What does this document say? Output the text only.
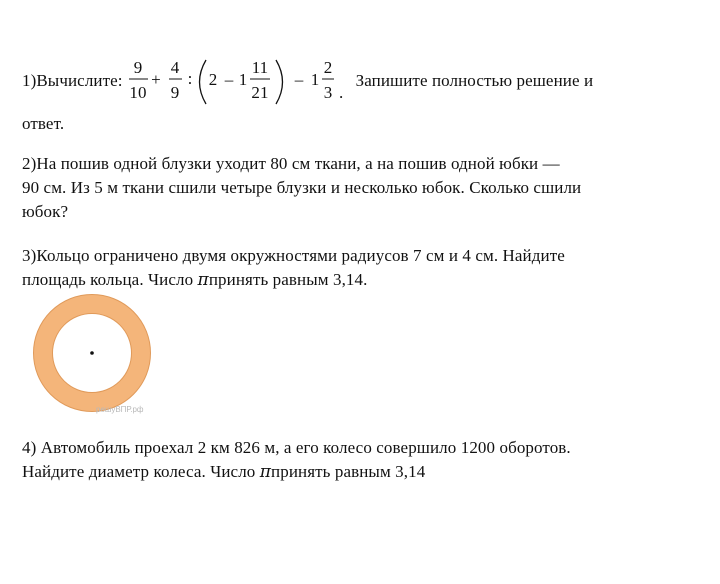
1)Вычислите:
9
10
+
4
9
: 2 – 1
11
21
– 1
2
3 .
Запишите полностью решение и
ответ.
2)На пошив одной блузки уходит 80 см ткани, а на пошив одной юбки —
90 см. Из 5 м ткани сшили четыре блузки и несколько юбок. Сколько сшили
юбок?
3)Кольцо ограничено двумя окружностями радиусов 7 см и 4 см. Найдите
площадь кольца. Число πпринять равным 3,14.
решуВПР.рф
4) Автомобиль проехал 2 км 826 м, а его колесо совершило 1200 оборотов.
Найдите диаметр колеса. Число πпринять равным 3,14
